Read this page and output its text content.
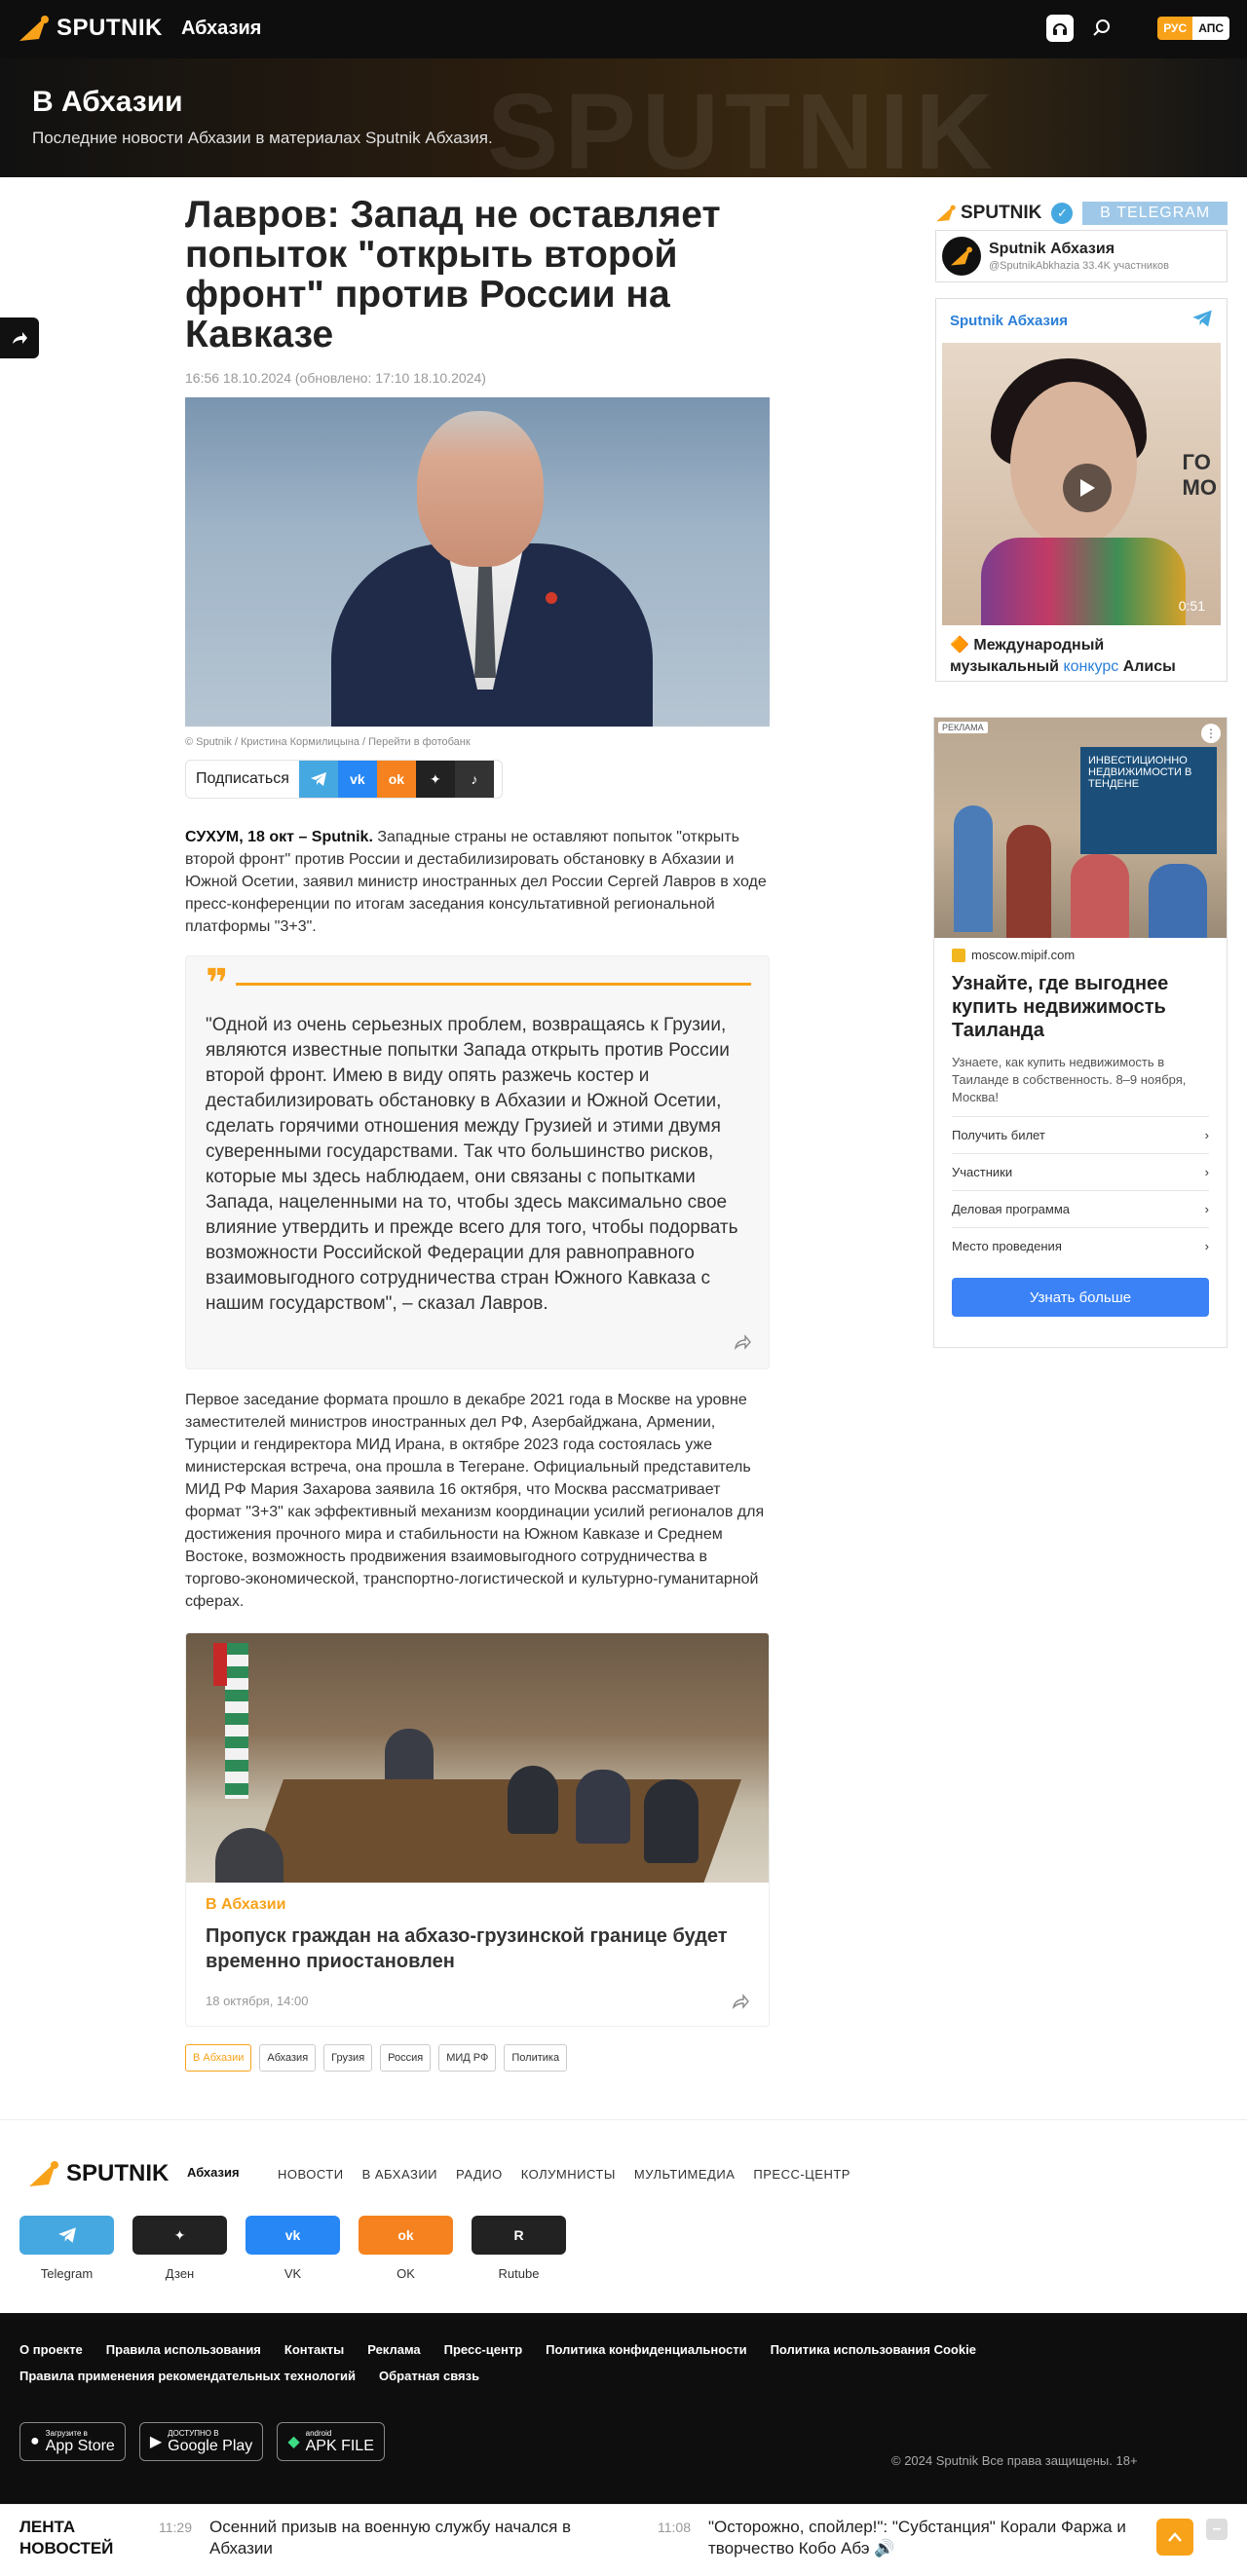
SPUTNIK Абхазия	РУС	АПС
SPUTNIK
В Абхазии

Последние новости Абхазии в материалах Sputnik Абхазия.

Лавров: Запад не оставляет попыток "открыть второй фронт" против России на Кавказе
16:56 18.10.2024 (обновлено: 17:10 18.10.2024)
© Sputnik / Кристина Кормилицына / Перейти в фотобанк
Подписаться	vk	ok	✦	♪

СУХУМ, 18 окт – Sputnik. Западные страны не оставляют попыток "открыть второй фронт" против России и дестабилизировать обстановку в Абхазии и Южной Осетии, заявил министр иностранных дел России Сергей Лавров в ходе пресс-конференции по итогам заседания консультативной региональной платформы "3+3".

❞
"Одной из очень серьезных проблем, возвращаясь к Грузии, являются известные попытки Запада открыть против России второй фронт. Имею в виду опять разжечь костер и дестабилизировать обстановку в Абхазии и Южной Осетии, сделать горячими отношения между Грузией и этими двумя суверенными государствами. Так что большинство рисков, которые мы здесь наблюдаем, они связаны с попытками Запада, нацеленными на то, чтобы здесь максимально свое влияние утвердить и прежде всего для того, чтобы подорвать возможности Российской Федерации для равноправного взаимовыгодного сотрудничества стран Южного Кавказа с нашим государством", – сказал Лавров.

Первое заседание формата прошло в декабре 2021 года в Москве на уровне заместителей министров иностранных дел РФ, Азербайджана, Армении, Турции и гендиректора МИД Ирана, в октябре 2023 года состоялась уже министерская встреча, она прошла в Тегеране. Официальный представитель МИД РФ Мария Захарова заявила 16 октября, что Москва рассматривает формат "3+3" как эффективный механизм координации усилий регионалов для достижения прочного мира и стабильности на Южном Кавказе и Среднем Востоке, возможность продвижения взаимовыгодного сотрудничества в торгово-экономической, транспортно-логистической и культурно-гуманитарной сферах.

В Абхазии
Пропуск граждан на абхазо-грузинской границе будет временно приостановлен
18 октября, 14:00
В Абхазии	Абхазия	Грузия	Россия	МИД РФ	Политика
SPUTNIK	✓	В TELEGRAM
Sputnik Абхазия
@SputnikAbkhazia 33.4K участников
Sputnik Абхазия
ГО
МО
0:51
🔶 Международный музыкальный конкурс Алисы
ИНВЕСТИЦИОННО НЕДВИЖИМОСТИ В ТЕНДЕНЕ
РЕКЛАМА	⋮
moscow.mipif.com
Узнайте, где выгоднее купить недвижимость Таиланда
Узнаете, как купить недвижимость в Таиланде в собственность. 8–9 ноября, Москва!
Получить билет	›
Участники	›
Деловая программа	›
Место проведения	›
Узнать больше
SPUTNIK Абхазия	НОВОСТИ В АБХАЗИИ РАДИО КОЛУМНИСТЫ МУЛЬТИМЕДИА ПРЕСС-ЦЕНТР
Telegram
✦
Дзен
vk
VK
ok
OK
R
Rutube
О проекте Правила использования Контакты Реклама Пресс-центр Политика конфиденциальности Политика использования Cookie
Правила применения рекомендательных технологий Обратная связь
● Загрузите в
App Store ▶
ДОСТУПНО В
Google Play ◆
android
APK FILE
© 2024 Sputnik Все права защищены. 18+
ЛЕНТА НОВОСТЕЙ
11:29 Осенний призыв на военную службу начался в Абхазии
11:08 "Осторожно, спойлер!": "Субстанция" Корали Фаржа и творчество Кобо Абэ 🔊
–
